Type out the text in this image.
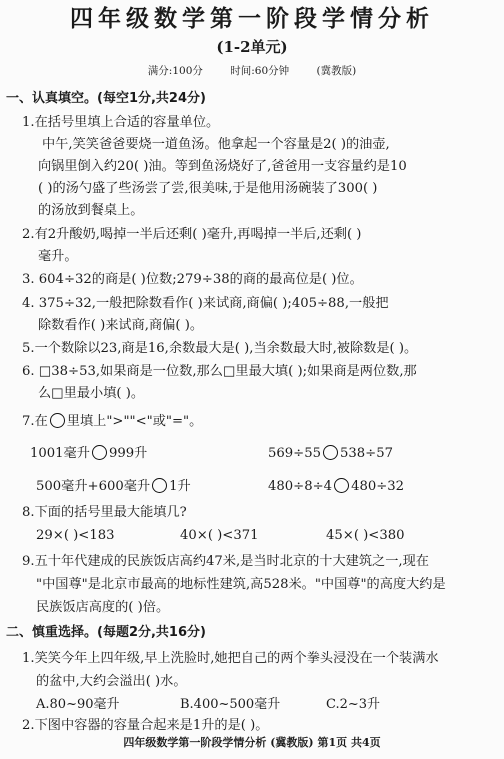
四年级数学第一阶段学情分析
(1-2单元)
满分:100分	时间:60分钟	(冀教版)
一、认真填空。(每空1分,共24分)
1.在括号里填上合适的容量单位。
中午,笑笑爸爸要烧一道鱼汤。他拿起一个容量是2( )的油壶,
向锅里倒入约20( )油。等到鱼汤烧好了,爸爸用一支容量约是10
( )的汤勺盛了些汤尝了尝,很美味,于是他用汤碗装了300( )
的汤放到餐桌上。
2.有2升酸奶,喝掉一半后还剩( )毫升,再喝掉一半后,还剩( )
毫升。
3. 604÷32的商是( )位数;279÷38的商的最高位是( )位。
4. 375÷32,一般把除数看作( )来试商,商偏( );405÷88,一般把
除数看作( )来试商,商偏( )。
5.一个数除以23,商是16,余数最大是( ),当余数最大时,被除数是( )。
6. □38÷53,如果商是一位数,那么□里最大填( );如果商是两位数,那
么□里最小填( )。
7.在 里填上">""<"或"="。
1001毫升 999升	569÷55 538÷57
500毫升+600毫升 1升	480÷8÷4 480÷32
8.下面的括号里最大能填几?
29×( )<183	40×( )<371	45×( )<380
9.五十年代建成的民族饭店高约47米,是当时北京的十大建筑之一,现在
"中国尊"是北京市最高的地标性建筑,高528米。"中国尊"的高度大约是
民族饭店高度的( )倍。
二、慎重选择。(每题2分,共16分)
1.笑笑今年上四年级,早上洗脸时,她把自己的两个拳头浸没在一个装满水
的盆中,大约会溢出( )水。
A.80~90毫升	B.400~500毫升	C.2~3升
2.下图中容器的容量合起来是1升的是( )。
四年级数学第一阶段学情分析 (冀教版) 第1页 共4页
